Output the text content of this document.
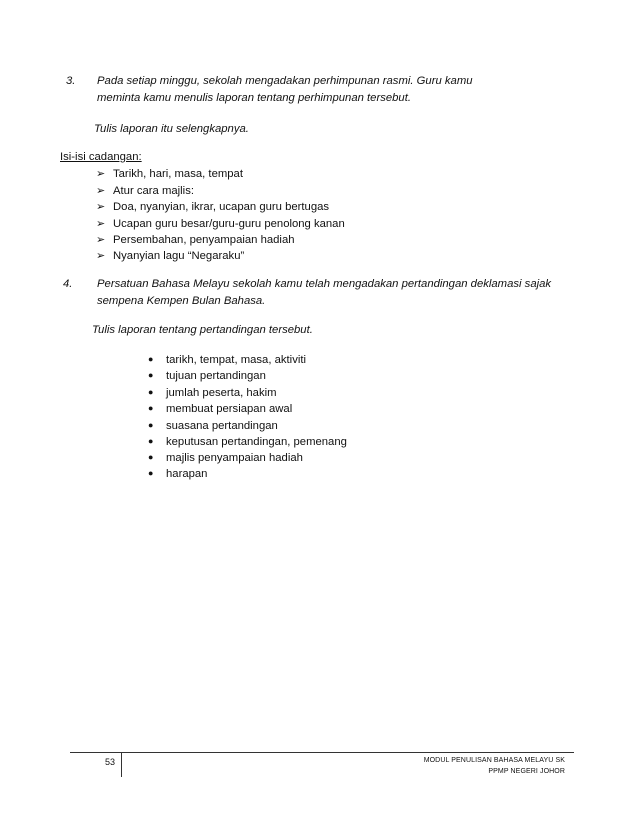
3. Pada setiap minggu, sekolah mengadakan perhimpunan rasmi. Guru kamu
meminta kamu menulis laporan tentang perhimpunan tersebut.
Tulis laporan itu selengkapnya.
Isi-isi cadangan:
➢ Tarikh, hari, masa, tempat
➢ Atur cara majlis:
➢ Doa, nyanyian, ikrar, ucapan guru bertugas
➢ Ucapan guru besar/guru-guru penolong kanan
➢ Persembahan, penyampaian hadiah
➢ Nyanyian lagu “Negaraku”
4. Persatuan Bahasa Melayu sekolah kamu telah mengadakan pertandingan deklamasi sajak
sempena Kempen Bulan Bahasa.
Tulis laporan tentang pertandingan tersebut.
● tarikh, tempat, masa, aktiviti
● tujuan pertandingan
● jumlah peserta, hakim
● membuat persiapan awal
● suasana pertandingan
● keputusan pertandingan, pemenang
● majlis penyampaian hadiah
● harapan
53	MODUL PENULISAN BAHASA MELAYU SK
PPMP NEGERI JOHOR
